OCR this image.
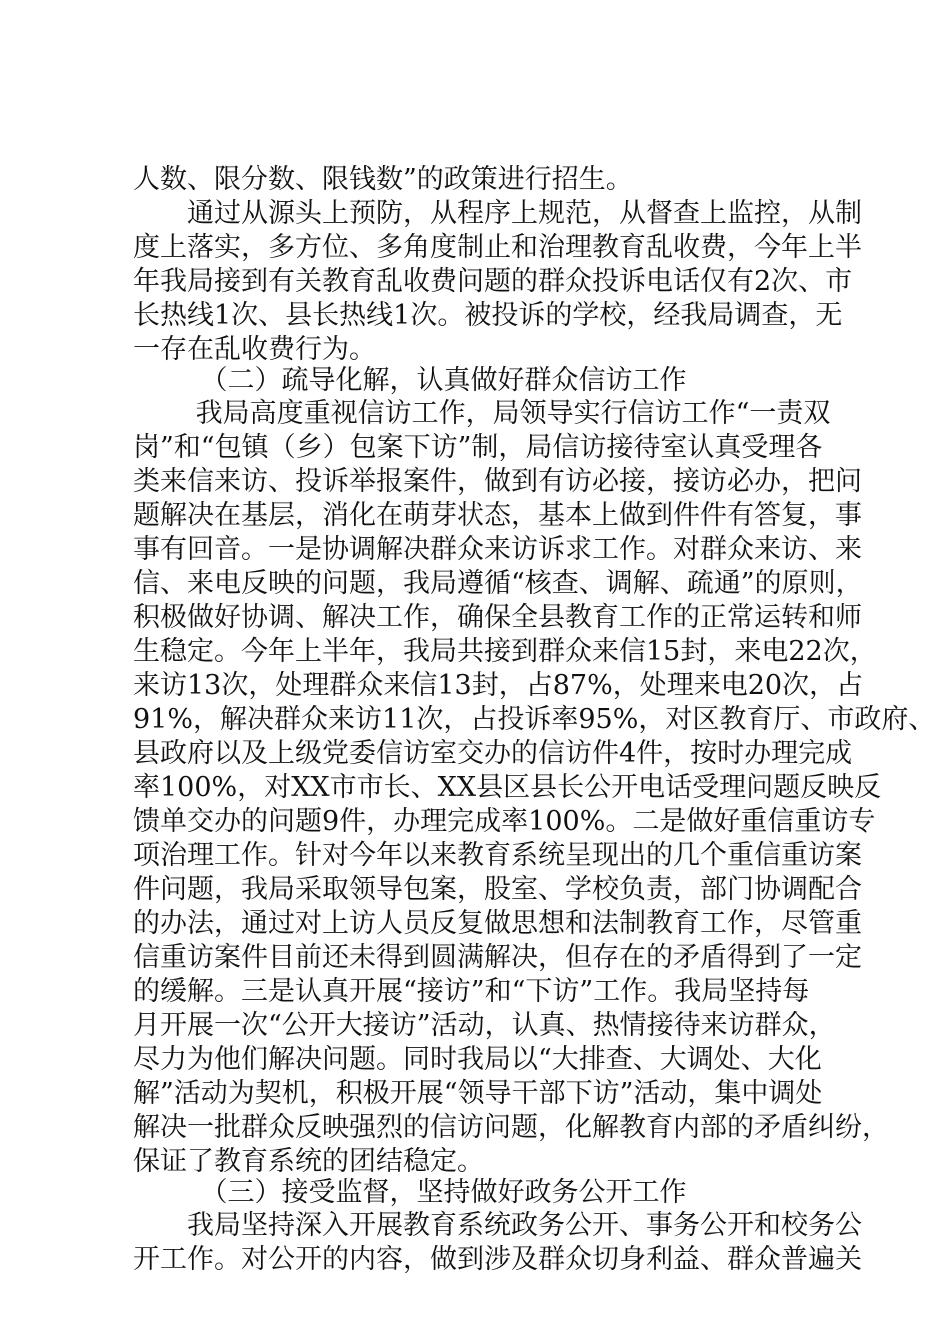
人数、限分数、限钱数”的政策进行招生。
　　通过从源头上预防，从程序上规范，从督查上监控，从制
度上落实，多方位、多角度制止和治理教育乱收费，今年上半
年我局接到有关教育乱收费问题的群众投诉电话仅有2次、市
长热线1次、县长热线1次。被投诉的学校，经我局调查，无
一存在乱收费行为。
　　　（二）疏导化解，认真做好群众信访工作
　　 我局高度重视信访工作，局领导实行信访工作“一责双
岗”和“包镇（乡）包案下访”制，局信访接待室认真受理各
类来信来访、投诉举报案件，做到有访必接，接访必办，把问
题解决在基层，消化在萌芽状态，基本上做到件件有答复，事
事有回音。一是协调解决群众来访诉求工作。对群众来访、来
信、来电反映的问题，我局遵循“核查、调解、疏通”的原则，
积极做好协调、解决工作，确保全县教育工作的正常运转和师
生稳定。今年上半年，我局共接到群众来信15封，来电22次，
来访13次，处理群众来信13封，占87%，处理来电20次，占
91%，解决群众来访11次，占投诉率95%，对区教育厅、市政府、
县政府以及上级党委信访室交办的信访件4件，按时办理完成
率100%，对XX市市长、XX县区县长公开电话受理问题反映反
馈单交办的问题9件，办理完成率100%。二是做好重信重访专
项治理工作。针对今年以来教育系统呈现出的几个重信重访案
件问题，我局采取领导包案，股室、学校负责，部门协调配合
的办法，通过对上访人员反复做思想和法制教育工作，尽管重
信重访案件目前还未得到圆满解决，但存在的矛盾得到了一定
的缓解。三是认真开展“接访”和“下访”工作。我局坚持每
月开展一次“公开大接访”活动，认真、热情接待来访群众，
尽力为他们解决问题。同时我局以“大排查、大调处、大化
解”活动为契机，积极开展“领导干部下访”活动，集中调处
解决一批群众反映强烈的信访问题，化解教育内部的矛盾纠纷，
保证了教育系统的团结稳定。
　　　（三）接受监督，坚持做好政务公开工作
　　我局坚持深入开展教育系统政务公开、事务公开和校务公
开工作。对公开的内容，做到涉及群众切身利益、群众普遍关
